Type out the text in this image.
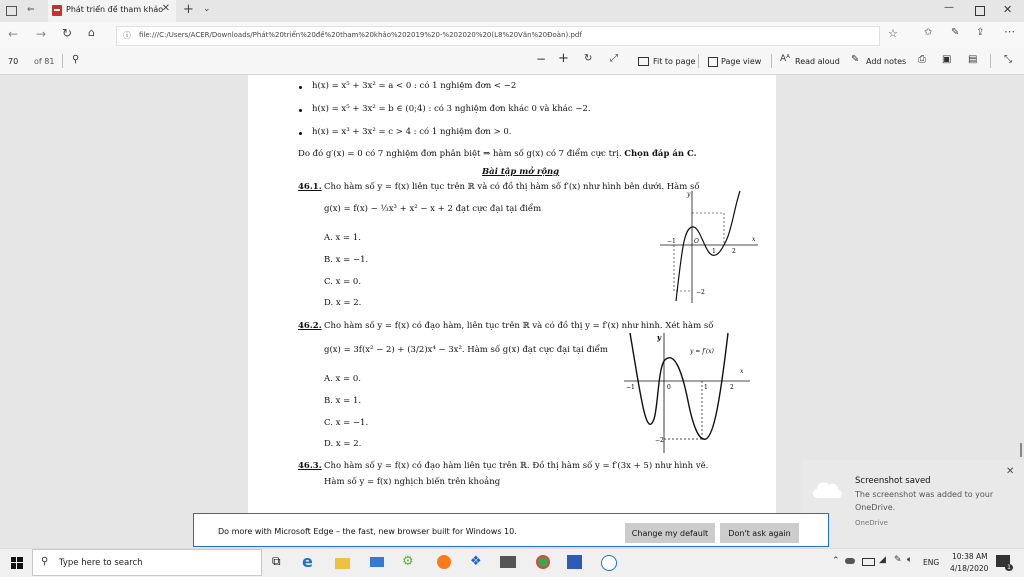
⇐	Phát triển đề tham khảo
✕ + ⌄	—	✕
← → ↻ ⌂	☆	✩ ✎ ⇪ ⋯
ⓘ file:///C:/Users/ACER/Downloads/Phát%20triển%20đề%20tham%20khảo%202019%20-%202020%20(L8%20Văn%20Đoàn).pdf
70 of 81 ⚲	− + ↻ ⤢	Fit to page	Page view Aᴬ Read aloud ✎ Add notes ⎙ ▣ ▤	⤡
h(x) = x⁵ + 3x² = a < 0 : có 1 nghiệm đơn < −2
h(x) = x⁵ + 3x² = b ∈ (0;4) : có 3 nghiệm đơn khác 0 và khác −2.
h(x) = x³ + 3x² = c > 4 : có 1 nghiệm đơn > 0.
Do đó g′(x) = 0 có 7 nghiệm đơn phân biệt ⇒ hàm số g(x) có 7 điểm cực trị. Chọn đáp án C.
Bài tập mở rộng
46.1. Cho hàm số y = f(x) liên tục trên ℝ và có đồ thị hàm số f′(x) như hình bên dưới. Hàm số
g(x) = f(x) − ⅓x³ + x² − x + 2 đạt cực đại tại điểm
A. x = 1.
B. x = −1.
C. x = 0.
D. x = 2.
y
x
−1	O
1	2
−2
46.2. Cho hàm số y = f(x) có đạo hàm, liên tục trên ℝ và có đồ thị y = f′(x) như hình. Xét hàm số
g(x) = 3f(x² − 2) + (3/2)x⁴ − 3x². Hàm số g(x) đạt cực đại tại điểm
A. x = 0.
B. x = 1.
C. x = −1.
D. x = 2.
y
y = f′(x)
x
−1	0	1	2
−2
46.3. Cho hàm số y = f(x) có đạo hàm liên tục trên ℝ. Đồ thị hàm số y = f′(3x + 5) như hình vẽ.
Hàm số y = f(x) nghịch biến trên khoảng
✕
Screenshot saved
The screenshot was added to your
OneDrive.
OneDrive
Do more with Microsoft Edge – the fast, new browser built for Windows 10.	Change my default	Don't ask again
⚲ Type here to search	⧉	e	⚙	❖	⌃	◢ ✎ 🔈︎ ENG
10:38 AM
4/18/2020	1
